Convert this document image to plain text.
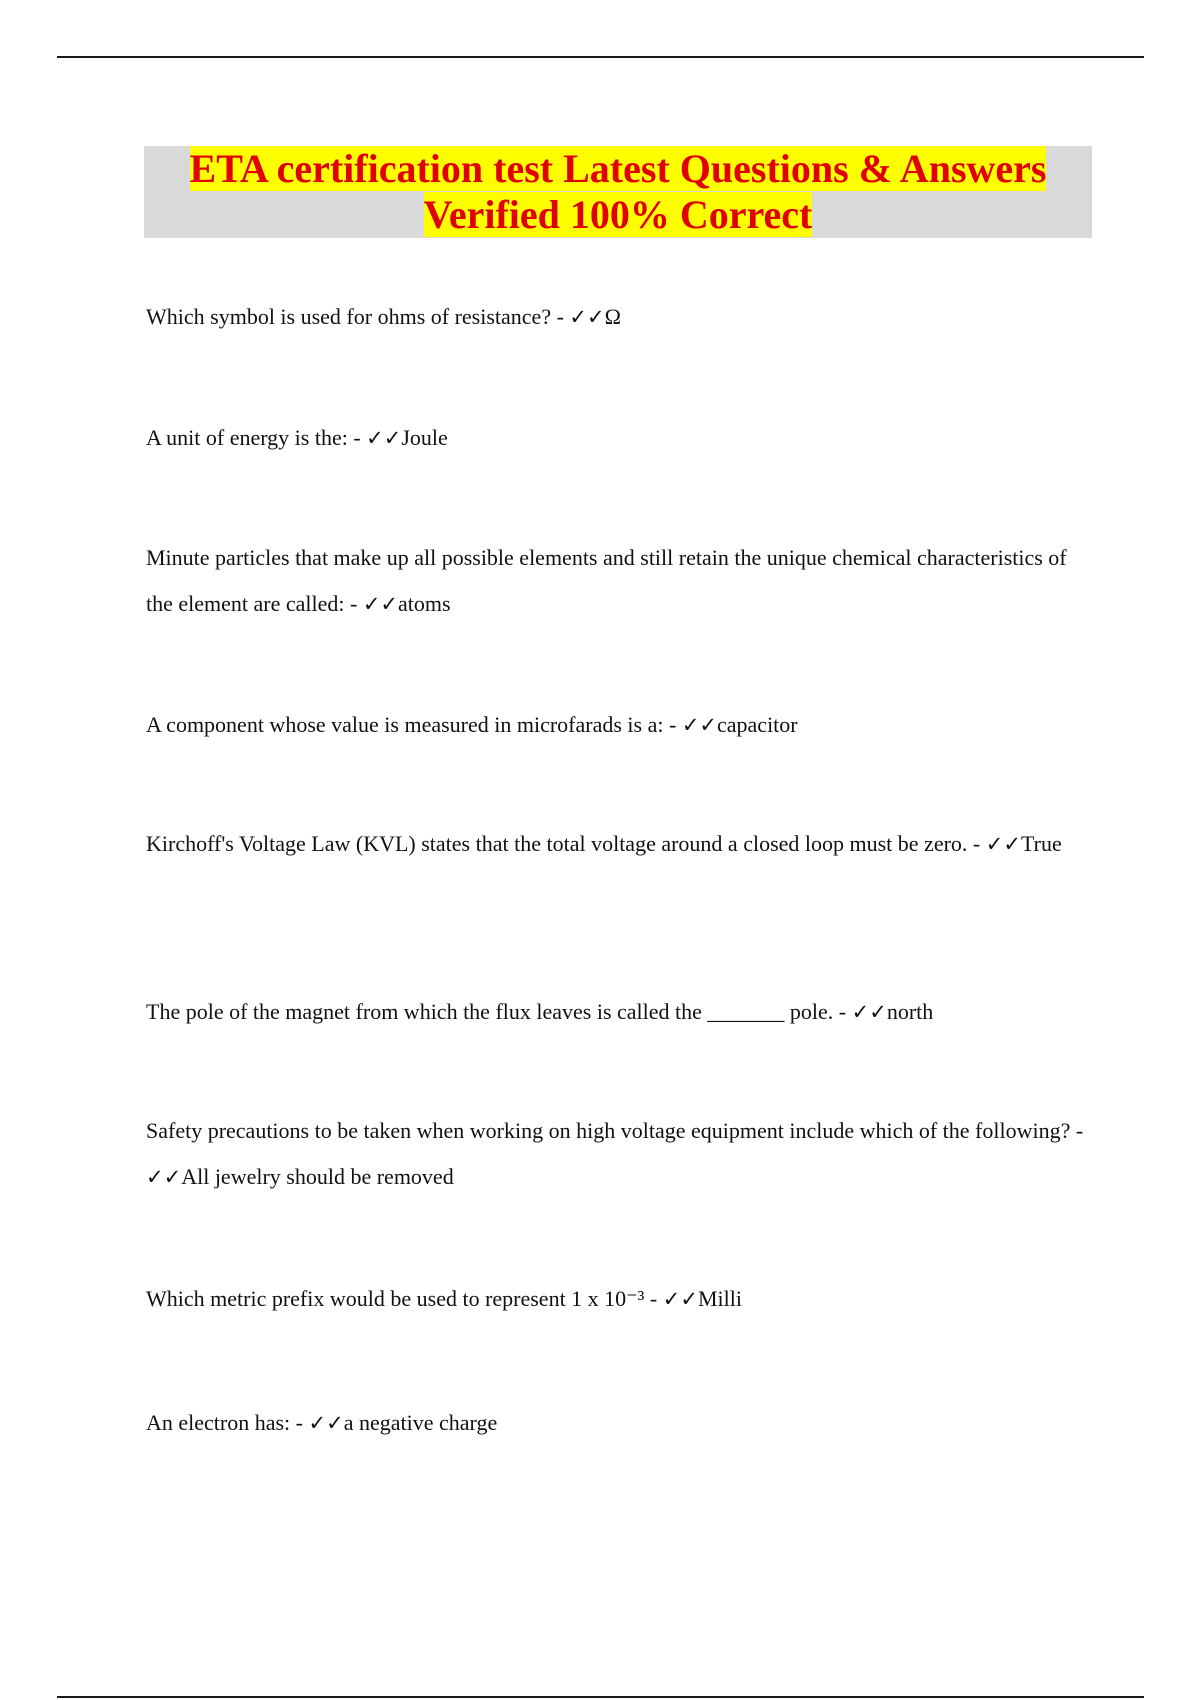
ETA certification test Latest Questions & Answers
Verified 100% Correct

Which symbol is used for ohms of resistance? - ✓✓Ω

A unit of energy is the: - ✓✓Joule

Minute particles that make up all possible elements and still retain the unique chemical characteristics of the element are called: - ✓✓atoms

A component whose value is measured in microfarads is a: - ✓✓capacitor

Kirchoff's Voltage Law (KVL) states that the total voltage around a closed loop must be zero. - ✓✓True

The pole of the magnet from which the flux leaves is called the _______ pole. - ✓✓north

Safety precautions to be taken when working on high voltage equipment include which of the following? - ✓✓All jewelry should be removed

Which metric prefix would be used to represent 1 x 10⁻³ - ✓✓Milli

An electron has: - ✓✓a negative charge
